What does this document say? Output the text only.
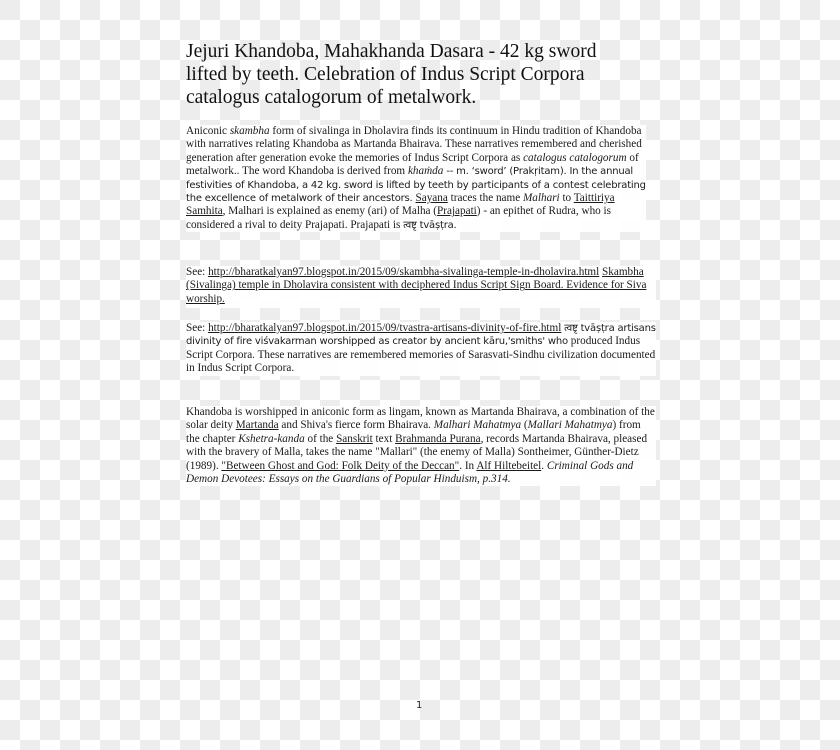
Jejuri Khandoba, Mahakhanda Dasara - 42 kg sword lifted by teeth. Celebration of Indus Script Corpora catalogus catalogorum of metalwork.
Aniconic skambha form of sivalinga in Dholavira finds its continuum in Hindu tradition of Khandoba with narratives relating Khandoba as Martanda Bhairava. These narratives remembered and cherished generation after generation evoke the memories of Indus Script Corpora as catalogus catalogorum of metalwork.. The word Khandoba is derived from khaṁda -- m. ‘sword’ (Prakṛitam). In the annual festivities of Khandoba, a 42 kg. sword is lifted by teeth by participants of a contest celebrating the excellence of metalwork of their ancestors. Sayana traces the name Malhari to Taittiriya Samhita, Malhari is explained as enemy (ari) of Malha (Prajapati) - an epithet of Rudra, who is considered a rival to deity Prajapati. Prajapati is त्वष्टृ tvāṣṭra.
See: http://bharatkalyan97.blogspot.in/2015/09/skambha-sivalinga-temple-in-dholavira.html Skambha (Sivalinga) temple in Dholavira consistent with deciphered Indus Script Sign Board. Evidence for Siva worship.
See: http://bharatkalyan97.blogspot.in/2015/09/tvastra-artisans-divinity-of-fire.html त्वष्टृ tvāṣṭra artisans divinity of fire viśvakarman worshipped as creator by ancient kāru,'smiths' who produced Indus Script Corpora. These narratives are remembered memories of Sarasvati-Sindhu civilization documented in Indus Script Corpora.
Khandoba is worshipped in aniconic form as lingam, known as Martanda Bhairava, a combination of the solar deity Martanda and Shiva's fierce form Bhairava. Malhari Mahatmya (Mallari Mahatmya) from the chapter Kshetra-kanda of the Sanskrit text Brahmanda Purana, records Martanda Bhairava, pleased with the bravery of Malla, takes the name "Mallari" (the enemy of Malla) Sontheimer, Günther-Dietz (1989). "Between Ghost and God: Folk Deity of the Deccan". In Alf Hiltebeitel. Criminal Gods and Demon Devotees: Essays on the Guardians of Popular Hinduism, p.314.
1
